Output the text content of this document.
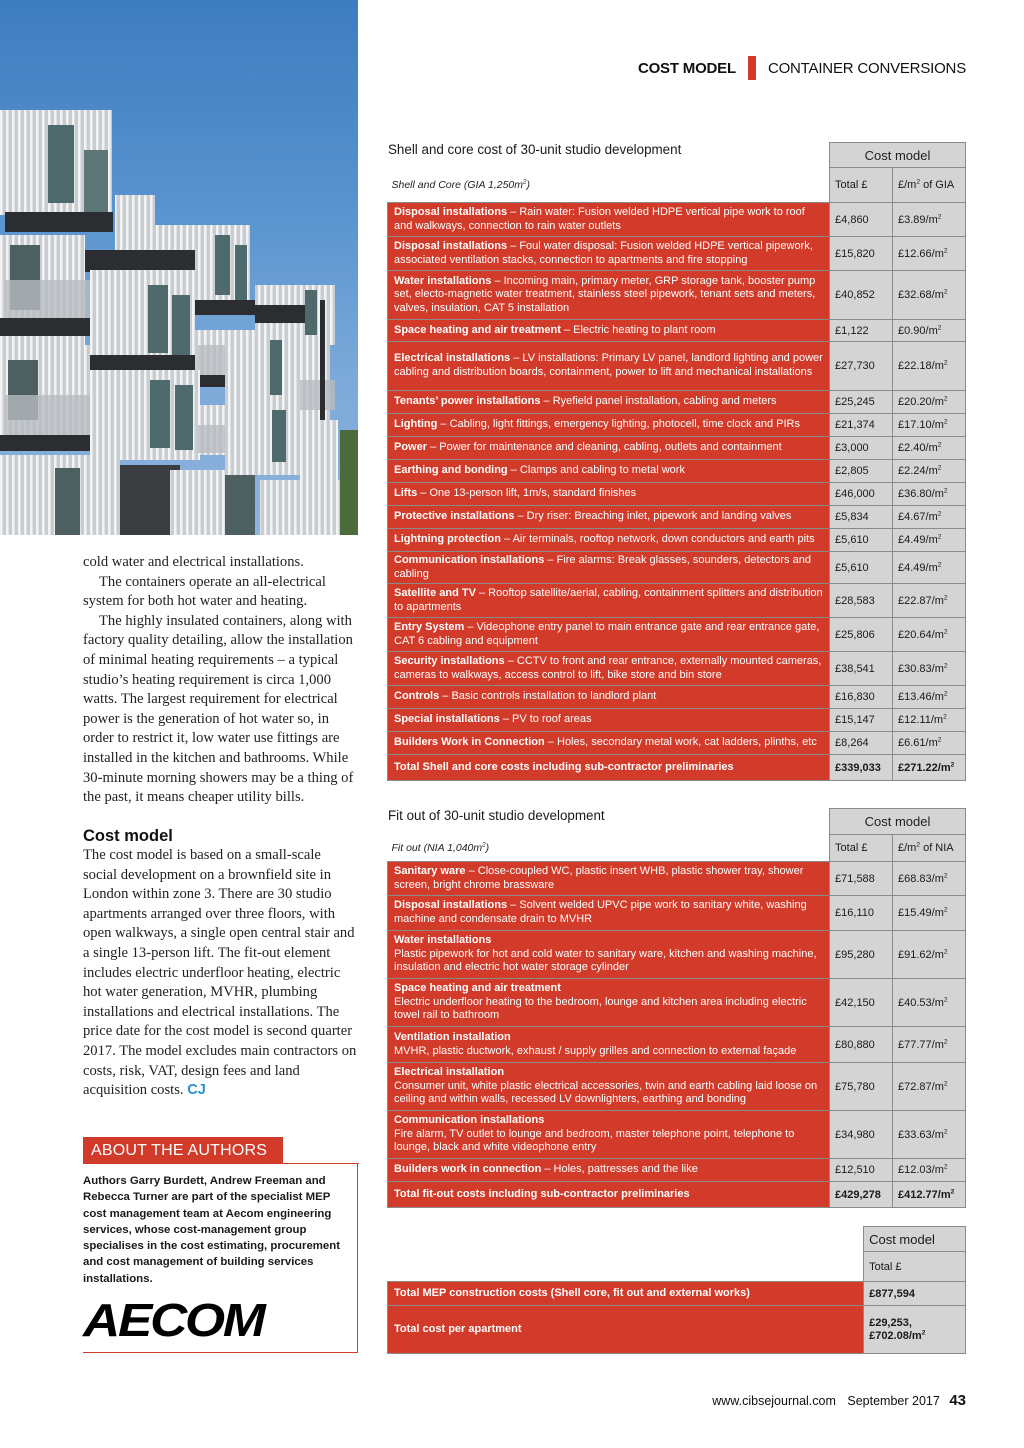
COST MODEL CONTAINER CONVERSIONS

cold water and electrical installations.

The containers operate an all-electrical system for both hot water and heating.

The highly insulated containers, along with factory quality detailing, allow the installation of minimal heating requirements – a typical studio’s heating requirement is circa 1,000 watts. The largest requirement for electrical power is the generation of hot water so, in order to restrict it, low water use fittings are installed in the kitchen and bathrooms. While 30-minute morning showers may be a thing of the past, it means cheaper utility bills.

Cost model

The cost model is based on a small-scale social development on a brownfield site in London within zone 3. There are 30 studio apartments arranged over three floors, with open walkways, a single open central stair and a single 13-person lift. The fit-out element includes electric underfloor heating, electric hot water generation, MVHR, plumbing installations and electrical installations. The price date for the cost model is second quarter 2017. The model excludes main contractors on costs, risk, VAT, design fees and land acquisition costs. CJ

ABOUT THE AUTHORS
Authors Garry Burdett, Andrew Freeman and Rebecca Turner are part of the specialist MEP cost management team at Aecom engineering services, whose cost-management group specialises in the cost estimating, procurement and cost management of building services installations.
AECOM
Shell and core cost of 30-unit studio development
		Cost model	
Shell and Core (GIA $1,250m^2$)	Total £	$£/m^2$ of GIA
Disposal installations – Rain water: Fusion welded HDPE vertical pipe work to roof and walkways, connection to rain water outlets	£4,860	$£3.89/m^2$
Disposal installations – Foul water disposal: Fusion welded HDPE vertical pipework, associated ventilation stacks, connection to apartments and fire stopping	£15,820	$£12.66/m^2$
Water installations – Incoming main, primary meter, GRP storage tank, booster pump set, electo-magnetic water treatment, stainless steel pipework, tenant sets and meters, valves, insulation, CAT 5 installation	£40,852	$£32.68/m^2$
Space heating and air treatment – Electric heating to plant room	£1,122	$£0.90/m^2$
Electrical installations – LV installations: Primary LV panel, landlord lighting and power cabling and distribution boards, containment, power to lift and mechanical installations	£27,730	$£22.18/m^2$
Tenants’ power installations – Ryefield panel installation, cabling and meters	£25,245	$£20.20/m^2$
Lighting – Cabling, light fittings, emergency lighting, photocell, time clock and PIRs	£21,374	$£17.10/m^2$
Power – Power for maintenance and cleaning, cabling, outlets and containment	£3,000	$£2.40/m^2$
Earthing and bonding – Clamps and cabling to metal work	£2,805	$£2.24/m^2$
Lifts – One 13-person lift, 1m/s, standard finishes	£46,000	$£36.80/m^2$
Protective installations – Dry riser: Breaching inlet, pipework and landing valves	£5,834	$£4.67/m^2$
Lightning protection – Air terminals, rooftop network, down conductors and earth pits	£5,610	$£4.49/m^2$
Communication installations – Fire alarms: Break glasses, sounders, detectors and cabling	£5,610	$£4.49/m^2$
Satellite and TV – Rooftop satellite/aerial, cabling, containment splitters and distribution to apartments	£28,583	$£22.87/m^2$
Entry System – Videophone entry panel to main entrance gate and rear entrance gate, CAT 6 cabling and equipment	£25,806	$£20.64/m^2$
Security installations – CCTV to front and rear entrance, externally mounted cameras, cameras to walkways, access control to lift, bike store and bin store	£38,541	$£30.83/m^2$
Controls – Basic controls installation to landlord plant	£16,830	$£13.46/m^2$
Special installations – PV to roof areas	£15,147	$£12.11/m^2$
Builders Work in Connection – Holes, secondary metal work, cat ladders, plinths, etc	£8,264	$£6.61/m^2$
Total Shell and core costs including sub-contractor preliminaries	£339,033	$£271.22/m^2$
Fit out of 30-unit studio development
		Cost model	
Fit out (NIA $1,040m^2$)	Total £	$£/m^2$ of NIA
Sanitary ware – Close-coupled WC, plastic insert WHB, plastic shower tray, shower screen, bright chrome brassware	£71,588	$£68.83/m^2$
Disposal installations – Solvent welded UPVC pipe work to sanitary white, washing machine and condensate drain to MVHR	£16,110	$£15.49/m^2$
Water installations
Plastic pipework for hot and cold water to sanitary ware, kitchen and washing machine, insulation and electric hot water storage cylinder	£95,280	$£91.62/m^2$
Space heating and air treatment
Electric underfloor heating to the bedroom, lounge and kitchen area including electric towel rail to bathroom	£42,150	$£40.53/m^2$
Ventilation installation
MVHR, plastic ductwork, exhaust / supply grilles and connection to external façade	£80,880	$£77.77/m^2$
Electrical installation
Consumer unit, white plastic electrical accessories, twin and earth cabling laid loose on ceiling and within walls, recessed LV downlighters, earthing and bonding	£75,780	$£72.87/m^2$
Communication installations
Fire alarm, TV outlet to lounge and bedroom, master telephone point, telephone to lounge, black and white videophone entry	£34,980	$£33.63/m^2$
Builders work in connection – Holes, pattresses and the like	£12,510	$£12.03/m^2$
Total fit-out costs including sub-contractor preliminaries	£429,278	$£412.77/m^2$
	Cost model
	Total £
Total MEP construction costs (Shell core, fit out and external works)	£877,594
Total cost per apartment	£29,253,
$£702.08/m^2$
www.cibsejournal.com September 2017 43
